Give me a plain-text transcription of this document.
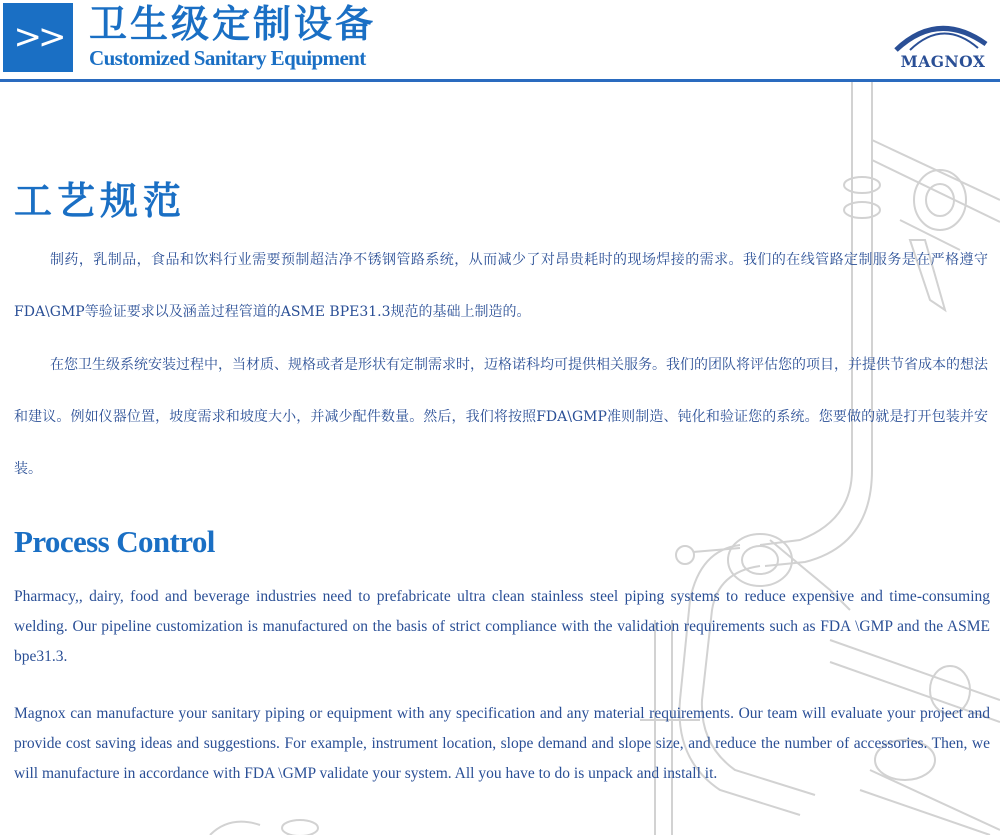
>> 卫生级定制设备
Customized Sanitary Equipment	MAGNOX
工艺规范

制药，乳制品，食品和饮料行业需要预制超洁净不锈钢管路系统，从而减少了对昂贵耗时的现场焊接的需求。我们的在线管路定制服务是在严格遵守FDA\GMP等验证要求以及涵盖过程管道的ASME BPE31.3规范的基础上制造的。

在您卫生级系统安装过程中，当材质、规格或者是形状有定制需求时，迈格诺科均可提供相关服务。我们的团队将评估您的项目，并提供节省成本的想法和建议。例如仪器位置，坡度需求和坡度大小，并减少配件数量。然后，我们将按照FDA\GMP准则制造、钝化和验证您的系统。您要做的就是打开包装并安装。

Process Control

Pharmacy,, dairy, food and beverage industries need to prefabricate ultra clean stainless steel piping systems to reduce expensive and time-consuming welding. Our pipeline customization is manufactured on the basis of strict compliance with the validation requirements such as FDA \GMP and the ASME bpe31.3.

Magnox can manufacture your sanitary piping or equipment with any specification and any material requirements. Our team will evaluate your project and provide cost saving ideas and suggestions. For example, instrument location, slope demand and slope size, and reduce the number of accessories. Then, we will manufacture in accordance with FDA \GMP validate your system. All you have to do is unpack and install it.
